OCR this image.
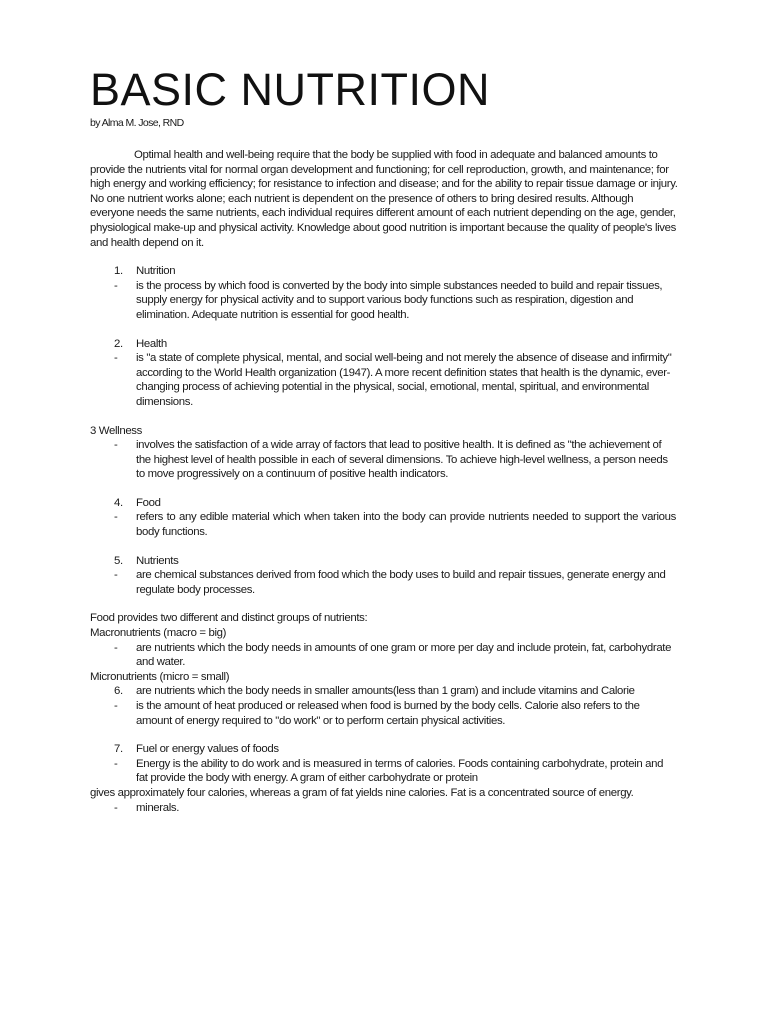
BASIC NUTRITION
by Alma M. Jose, RND
Optimal health and well-being require that the body be supplied with food in adequate and balanced amounts to provide the nutrients vital for normal organ development and functioning; for cell reproduction, growth, and maintenance; for high energy and working efficiency; for resistance to infection and disease; and for the ability to repair tissue damage or injury. No one nutrient works alone; each nutrient is dependent on the presence of others to bring desired results. Although everyone needs the same nutrients, each individual requires different amount of each nutrient depending on the age, gender, physiological make-up and physical activity. Knowledge about good nutrition is important because the quality of people's lives and health depend on it.
1.	Nutrition
-	is the process by which food is converted by the body into simple substances needed to build and repair tissues, supply energy for physical activity and to support various body functions such as respiration, digestion and elimination. Adequate nutrition is essential for good health.
2.	Health
-	is "a state of complete physical, mental, and social well-being and not merely the absence of disease and infirmity" according to the World Health organization (1947). A more recent definition states that health is the dynamic, ever-changing process of achieving potential in the physical, social, emotional, mental, spiritual, and environmental dimensions.
3 Wellness
-	involves the satisfaction of a wide array of factors that lead to positive health. It is defined as "the achievement of the highest level of health possible in each of several dimensions. To achieve high-level wellness, a person needs to move progressively on a continuum of positive health indicators.
4.	Food
-	refers to any edible material which when taken into the body can provide nutrients needed to support the various body functions.
5.	Nutrients
-	are chemical substances derived from food which the body uses to build and repair tissues, generate energy and regulate body processes.
Food provides two different and distinct groups of nutrients:
Macronutrients (macro = big)
-	are nutrients which the body needs in amounts of one gram or more per day and include protein, fat, carbohydrate and water.
Micronutrients (micro = small)
6.	are nutrients which the body needs in smaller amounts(less than 1 gram) and include vitamins and Calorie
-	is the amount of heat produced or released when food is burned by the body cells. Calorie also refers to the amount of energy required to "do work" or to perform certain physical activities.
7.	Fuel or energy values of foods
-	Energy is the ability to do work and is measured in terms of calories. Foods containing carbohydrate, protein and fat provide the body with energy. A gram of either carbohydrate or protein
gives approximately four calories, whereas a gram of fat yields nine calories. Fat is a concentrated source of energy.
-	minerals.
